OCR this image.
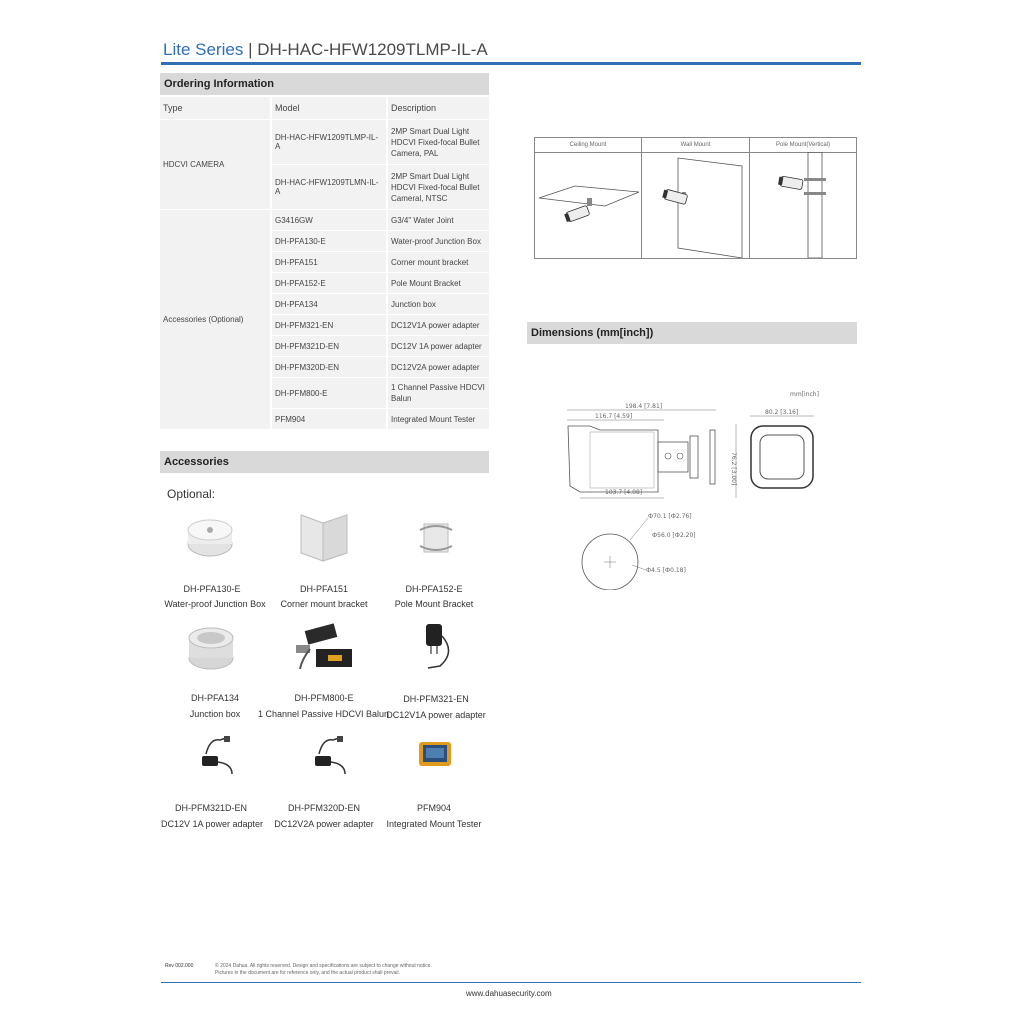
Lite Series | DH-HAC-HFW1209TLMP-IL-A
Ordering Information
Type	Model	Description
HDCVI CAMERA	DH-HAC-HFW1209TLMP-IL-A	2MP Smart Dual Light HDCVI Fixed-focal Bullet Camera, PAL
	DH-HAC-HFW1209TLMN-IL-A	2MP Smart Dual Light HDCVI Fixed-focal Bullet Cameral, NTSC
Accessories (Optional)	G3416GW	G3/4" Water Joint
	DH-PFA130-E	Water-proof Junction Box
	DH-PFA151	Corner mount bracket
	DH-PFA152-E	Pole Mount Bracket
	DH-PFA134	Junction box
	DH-PFM321-EN	DC12V1A power adapter
	DH-PFM321D-EN	DC12V 1A power adapter
	DH-PFM320D-EN	DC12V2A power adapter
	DH-PFM800-E	1 Channel Passive HDCVI Balun
	PFM904	Integrated Mount Tester
Ceiling Mount	Wall Mount	Pole Mount(Vertical)
Dimensions (mm[inch])
mm[inch]
198.4 [7.81]
116.7 [4.59]
103.7 [4.08]
76.2 [3.00]
80.2 [3.16]
Ф70.1 [Ф2.76]
Ф56.0 [Ф2.20]
Ф4.5 [Ф0.18]
Accessories
Optional:
DH-PFA130-E
Water-proof Junction Box
DH-PFA151
Corner mount bracket
DH-PFA152-E
Pole Mount Bracket
DH-PFA134
Junction box
DH-PFM800-E
1 Channel Passive HDCVI Balun
DH-PFM321-EN
DC12V1A power adapter
DH-PFM321D-EN
DC12V 1A power adapter
DH-PFM320D-EN
DC12V2A power adapter
PFM904
Integrated Mount Tester
Rev 002.000	© 2024 Dahua. All rights reserved. Design and specifications are subject to change without notice.
Pictures in the document are for reference only, and the actual product shall prevail.
www.dahuasecurity.com
